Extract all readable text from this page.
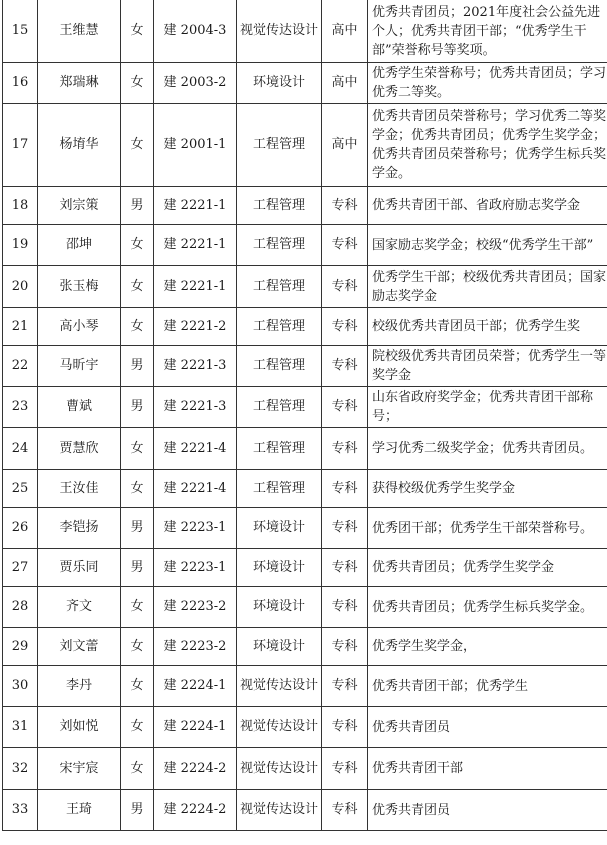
15	王维慧	女	建 2004-3	视觉传达设计	高中	优秀共青团员；2021年度社会公益先进个人；优秀共青团干部；“优秀学生干部”荣誉称号等奖项。
16	郑瑞琳	女	建 2003-2	环境设计	高中	优秀学生荣誉称号；优秀共青团员；学习优秀二等奖。
17	杨堉华	女	建 2001-1	工程管理	高中	优秀共青团员荣誉称号；学习优秀二等奖学金；优秀共青团员；优秀学生奖学金；优秀共青团员荣誉称号；优秀学生标兵奖学金。
18	刘宗策	男	建 2221-1	工程管理	专科	优秀共青团干部、省政府励志奖学金
19	邵坤	女	建 2221-1	工程管理	专科	国家励志奖学金；校级“优秀学生干部”
20	张玉梅	女	建 2221-1	工程管理	专科	优秀学生干部；校级优秀共青团员；国家励志奖学金
21	高小琴	女	建 2221-2	工程管理	专科	校级优秀共青团员干部；优秀学生奖
22	马昕宇	男	建 2221-3	工程管理	专科	院校级优秀共青团员荣誉；优秀学生一等奖学金
23	曹斌	男	建 2221-3	工程管理	专科	山东省政府奖学金；优秀共青团干部称号；
24	贾慧欣	女	建 2221-4	工程管理	专科	学习优秀二级奖学金；优秀共青团员。
25	王汝佳	女	建 2221-4	工程管理	专科	获得校级优秀学生奖学金
26	李铠扬	男	建 2223-1	环境设计	专科	优秀团干部；优秀学生干部荣誉称号。
27	贾乐同	男	建 2223-1	环境设计	专科	优秀共青团员；优秀学生奖学金
28	齐文	女	建 2223-2	环境设计	专科	优秀共青团员；优秀学生标兵奖学金。
29	刘文蕾	女	建 2223-2	环境设计	专科	优秀学生奖学金，
30	李丹	女	建 2224-1	视觉传达设计	专科	优秀共青团干部；优秀学生
31	刘如悦	女	建 2224-1	视觉传达设计	专科	优秀共青团员
32	宋宇宸	女	建 2224-2	视觉传达设计	专科	优秀共青团干部
33	王琦	男	建 2224-2	视觉传达设计	专科	优秀共青团员
